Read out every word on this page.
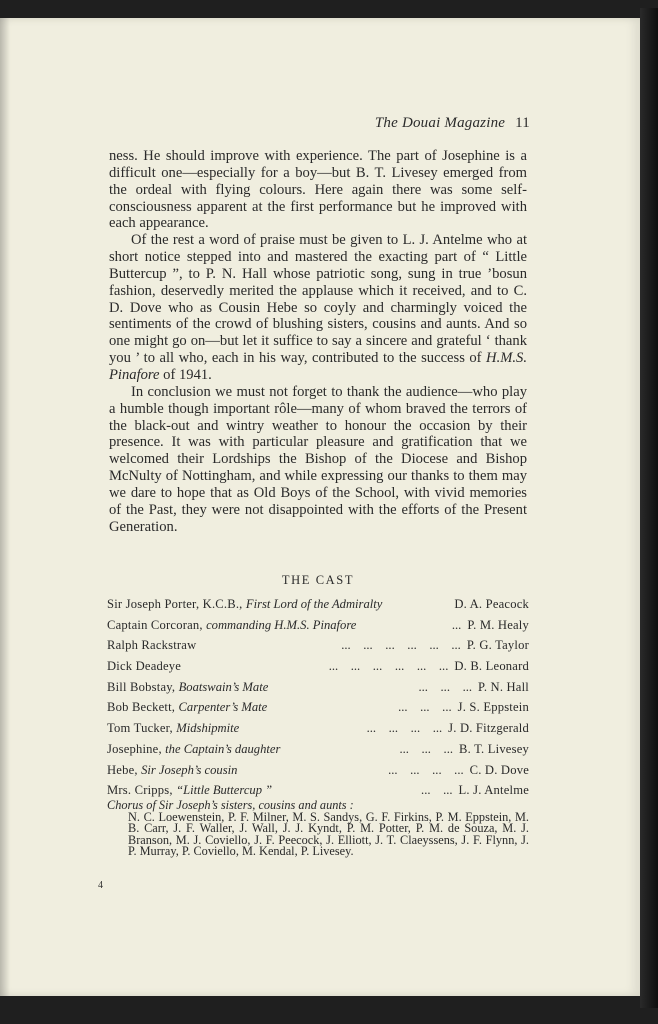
The Douai Magazine 11

ness. He should improve with experience. The part of Josephine is a difficult one—especially for a boy—but B. T. Livesey emerged from the ordeal with flying colours. Here again there was some self-consciousness apparent at the first performance but he improved with each appearance.

Of the rest a word of praise must be given to L. J. Antelme who at short notice stepped into and mastered the exacting part of “ Little Buttercup ”, to P. N. Hall whose patriotic song, sung in true ’bosun fashion, deservedly merited the applause which it received, and to C. D. Dove who as Cousin Hebe so coyly and charmingly voiced the sentiments of the crowd of blushing sisters, cousins and aunts. And so one might go on—but let it suffice to say a sincere and grateful ‘ thank you ’ to all who, each in his way, contributed to the success of H.M.S. Pinafore of 1941.

In conclusion we must not forget to thank the audience—who play a humble though important rôle—many of whom braved the terrors of the black-out and wintry weather to honour the occasion by their presence. It was with particular pleasure and gratification that we welcomed their Lordships the Bishop of the Diocese and Bishop McNulty of Nottingham, and while expressing our thanks to them may we dare to hope that as Old Boys of the School, with vivid memories of the Past, they were not disappointed with the efforts of the Present Generation.

THE CAST
Sir Joseph Porter, K.C.B., First Lord of the Admiralty	D. A. Peacock
Captain Corcoran, commanding H.M.S. Pinafore	... P. M. Healy
Ralph Rackstraw	...    ...    ...    ...    ...    ... P. G. Taylor
Dick Deadeye	...    ...    ...    ...    ...    ... D. B. Leonard
Bill Bobstay, Boatswain’s Mate	...    ...    ... P. N. Hall
Bob Beckett, Carpenter’s Mate	...    ...    ... J. S. Eppstein
Tom Tucker, Midshipmite	...    ...    ...    ... J. D. Fitzgerald
Josephine, the Captain’s daughter	...    ...    ... B. T. Livesey
Hebe, Sir Joseph’s cousin	...    ...    ...    ... C. D. Dove
Mrs. Cripps, “Little Buttercup ”	...    ... L. J. Antelme

Chorus of Sir Joseph’s sisters, cousins and aunts :

N. C. Loewenstein, P. F. Milner, M. S. Sandys, G. F. Firkins, P. M. Eppstein, M. B. Carr, J. F. Waller, J. Wall, J. J. Kyndt, P. M. Potter, P. M. de Souza, M. J. Branson, M. J. Coviello, J. F. Peecock, J. Elliott, J. T. Claeyssens, J. F. Flynn, J. P. Murray, P. Coviello, M. Kendal, P. Livesey.

4
